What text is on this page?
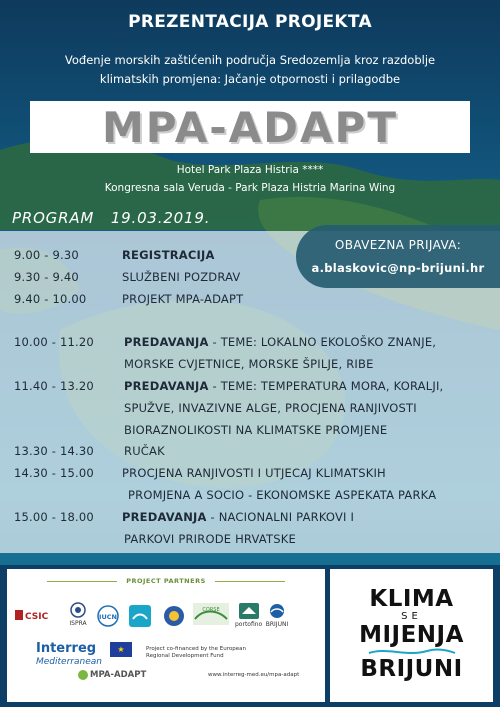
PREZENTACIJA PROJEKTA
Vođenje morskih zaštićenih područja Sredozemlja kroz razdoblje
klimatskih promjena: Jačanje otpornosti i prilagodbe
MPA-ADAPT
Hotel Park Plaza Histria ****
Kongresna sala Veruda - Park Plaza Histria Marina Wing
PROGRAM   19.03.2019.
OBAVEZNA PRIJAVA:
a.blaskovic@np-brijuni.hr
9.00 - 9.30	REGISTRACIJA
9.30 - 9.40	SLUŽBENI POZDRAV
9.40 - 10.00	PROJEKT MPA-ADAPT
10.00 - 11.20	PREDAVANJA - TEME: LOKALNO EKOLOŠKO ZNANJE,
MORSKE CVJETNICE, MORSKE ŠPILJE, RIBE
11.40 - 13.20	PREDAVANJA - TEME: TEMPERATURA MORA, KORALJI,
SPUŽVE, INVAZIVNE ALGE, PROCJENA RANJIVOSTI
BIORAZNOLIKOSTI NA KLIMATSKE PROMJENE
13.30 - 14.30	RUČAK
14.30 - 15.00 PROCJENA RANJIVOSTI I UTJECAJ KLIMATSKIH
PROMJENA A SOCIO - EKONOMSKE ASPEKATA PARKA
15.00 - 18.00 PREDAVANJA - NACIONALNI PARKOVI I
PARKOVI PRIRODE HRVATSKE
PROJECT PARTNERS
CSIC
ISPRA
IUCN
CORSE
portofino BRIJUNI
Interreg
Mediterranean
★	Project co-financed by the European Regional Development Fund
MPA-ADAPT	www.interreg-med.eu/mpa-adapt
KLIMA
SE
MIJENJA
BRIJUNI
